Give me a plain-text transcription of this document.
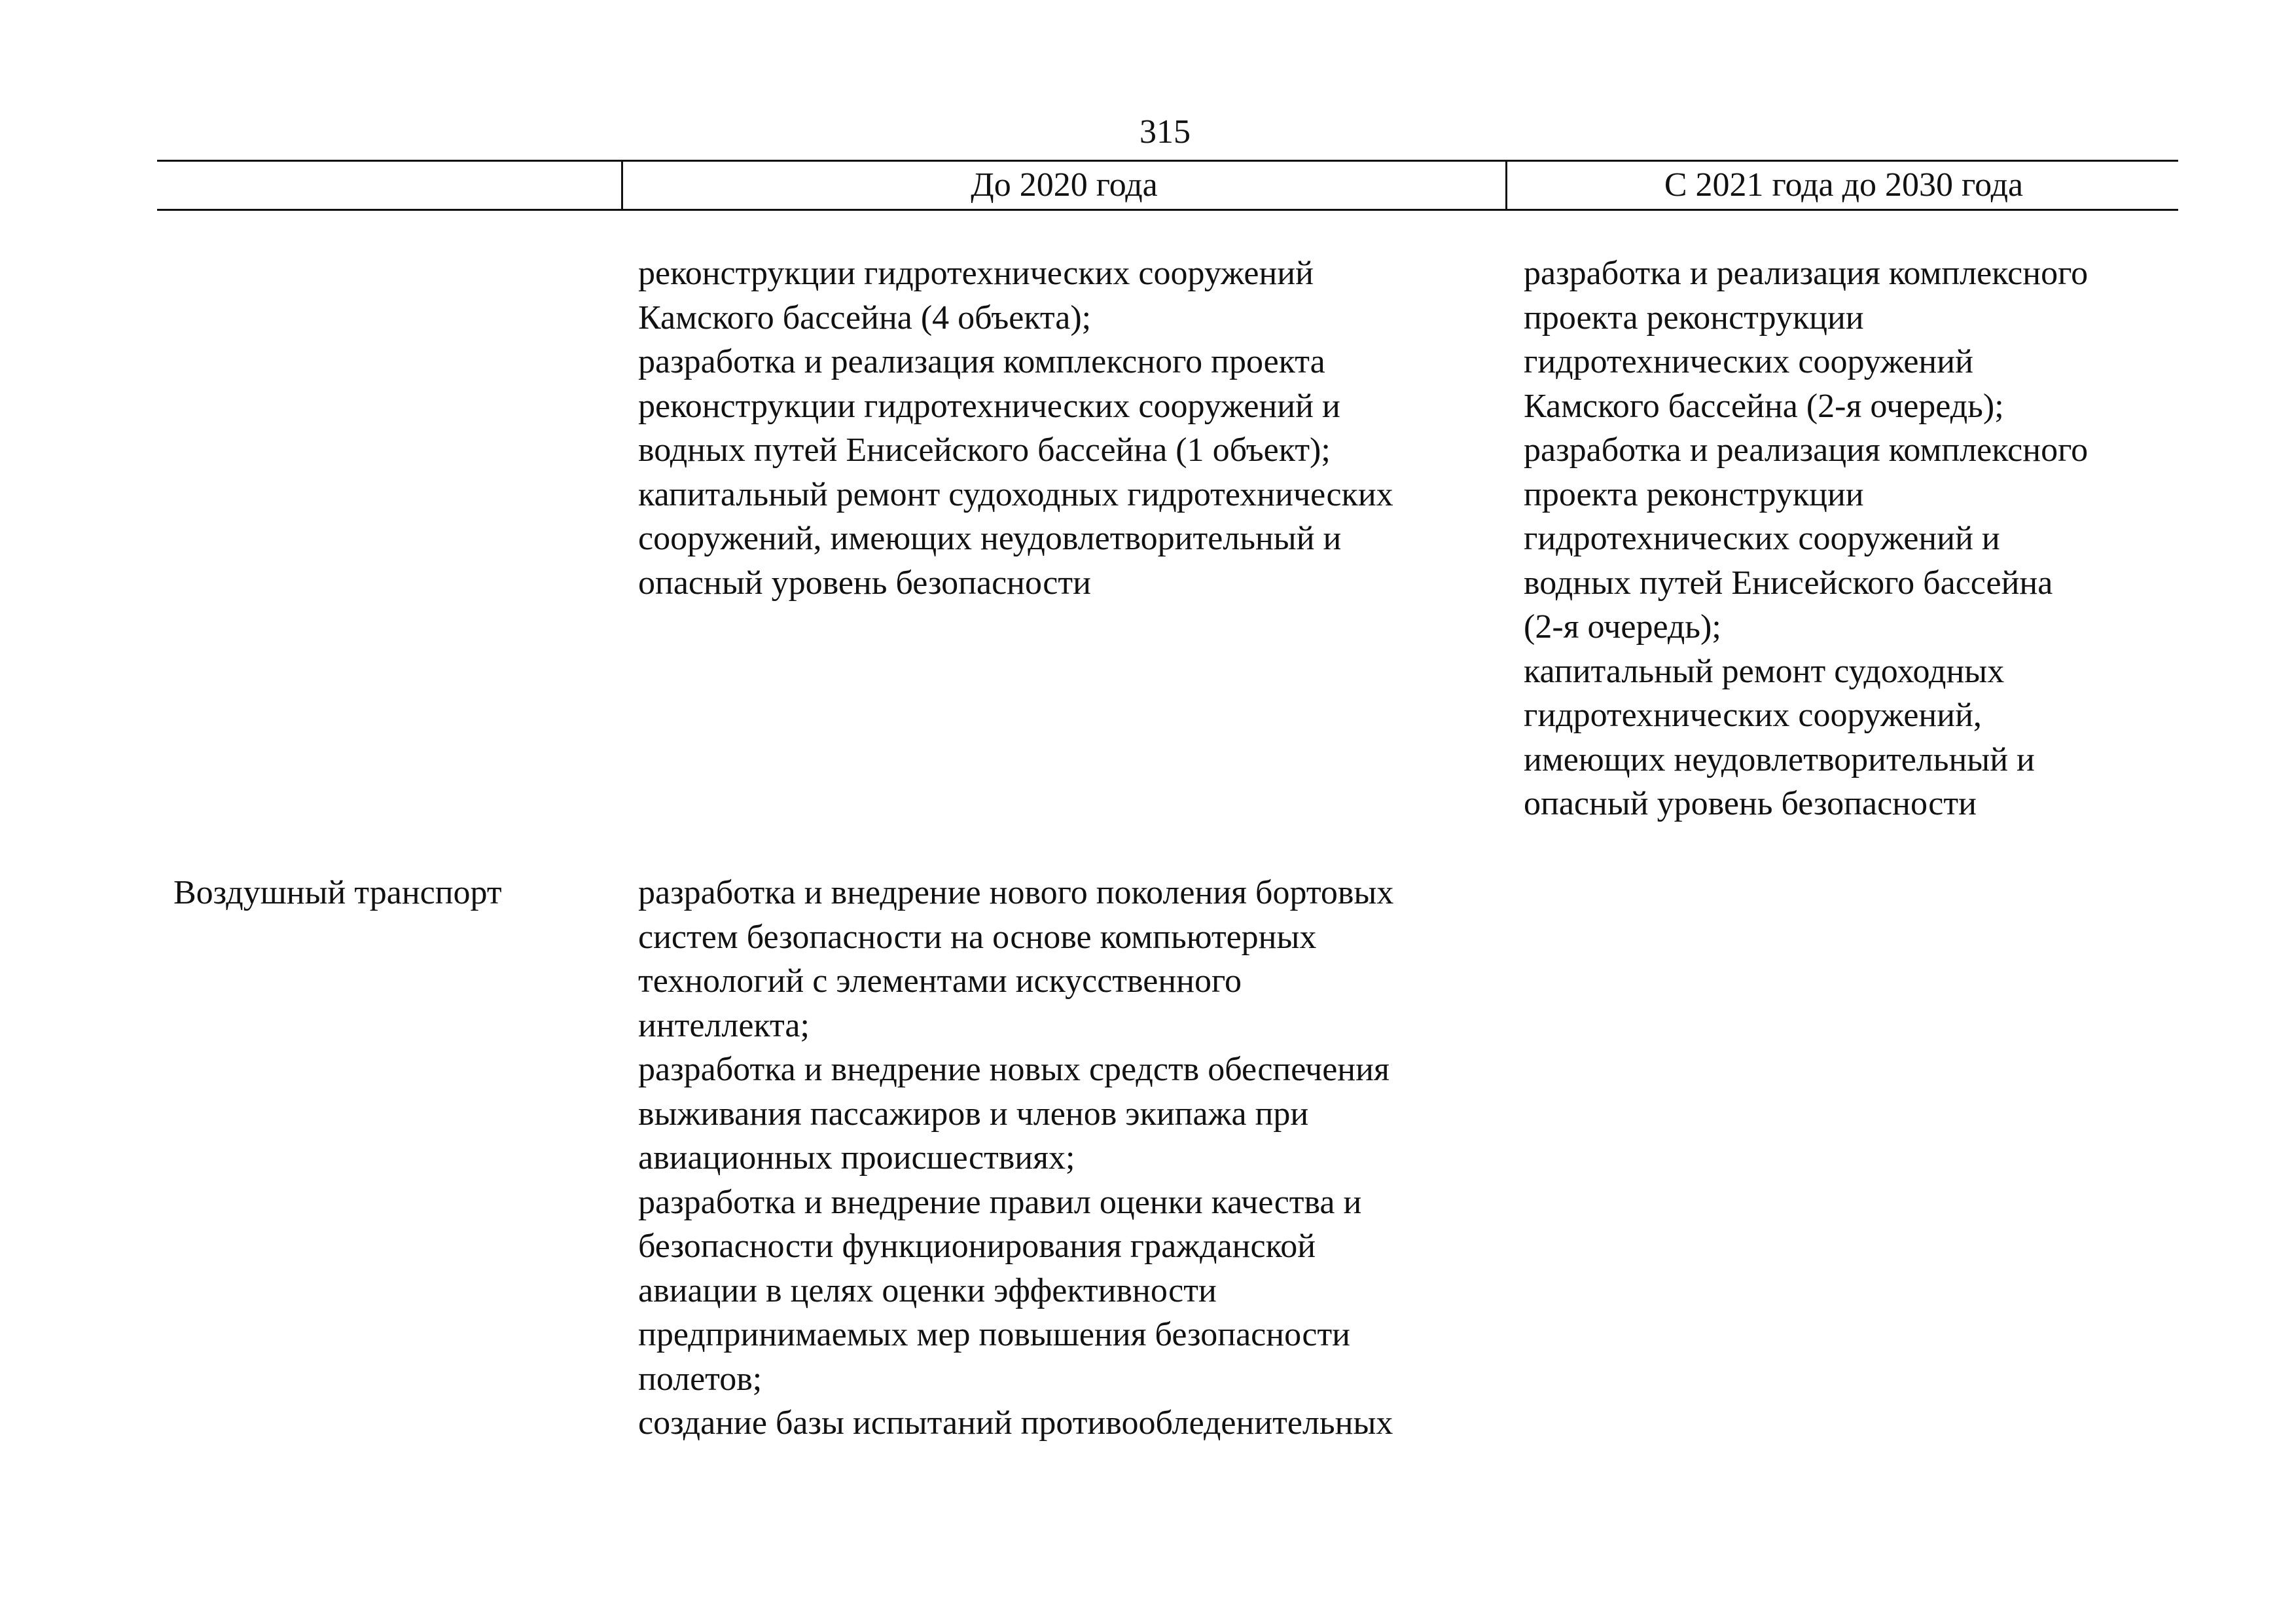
315
До 2020 года	С 2021 года до 2030 года
реконструкции гидротехнических сооружений
Камского бассейна (4 объекта);
разработка и реализация комплексного проекта
реконструкции гидротехнических сооружений и
водных путей Енисейского бассейна (1 объект);
капитальный ремонт судоходных гидротехнических
сооружений, имеющих неудовлетворительный и
опасный уровень безопасности
разработка и реализация комплексного
проекта реконструкции
гидротехнических сооружений
Камского бассейна (2-я очередь);
разработка и реализация комплексного
проекта реконструкции
гидротехнических сооружений и
водных путей Енисейского бассейна
(2-я очередь);
капитальный ремонт судоходных
гидротехнических сооружений,
имеющих неудовлетворительный и
опасный уровень безопасности
Воздушный транспорт	разработка и внедрение нового поколения бортовых
систем безопасности на основе компьютерных
технологий с элементами искусственного
интеллекта;
разработка и внедрение новых средств обеспечения
выживания пассажиров и членов экипажа при
авиационных происшествиях;
разработка и внедрение правил оценки качества и
безопасности функционирования гражданской
авиации в целях оценки эффективности
предпринимаемых мер повышения безопасности
полетов;
создание базы испытаний противообледенительных
